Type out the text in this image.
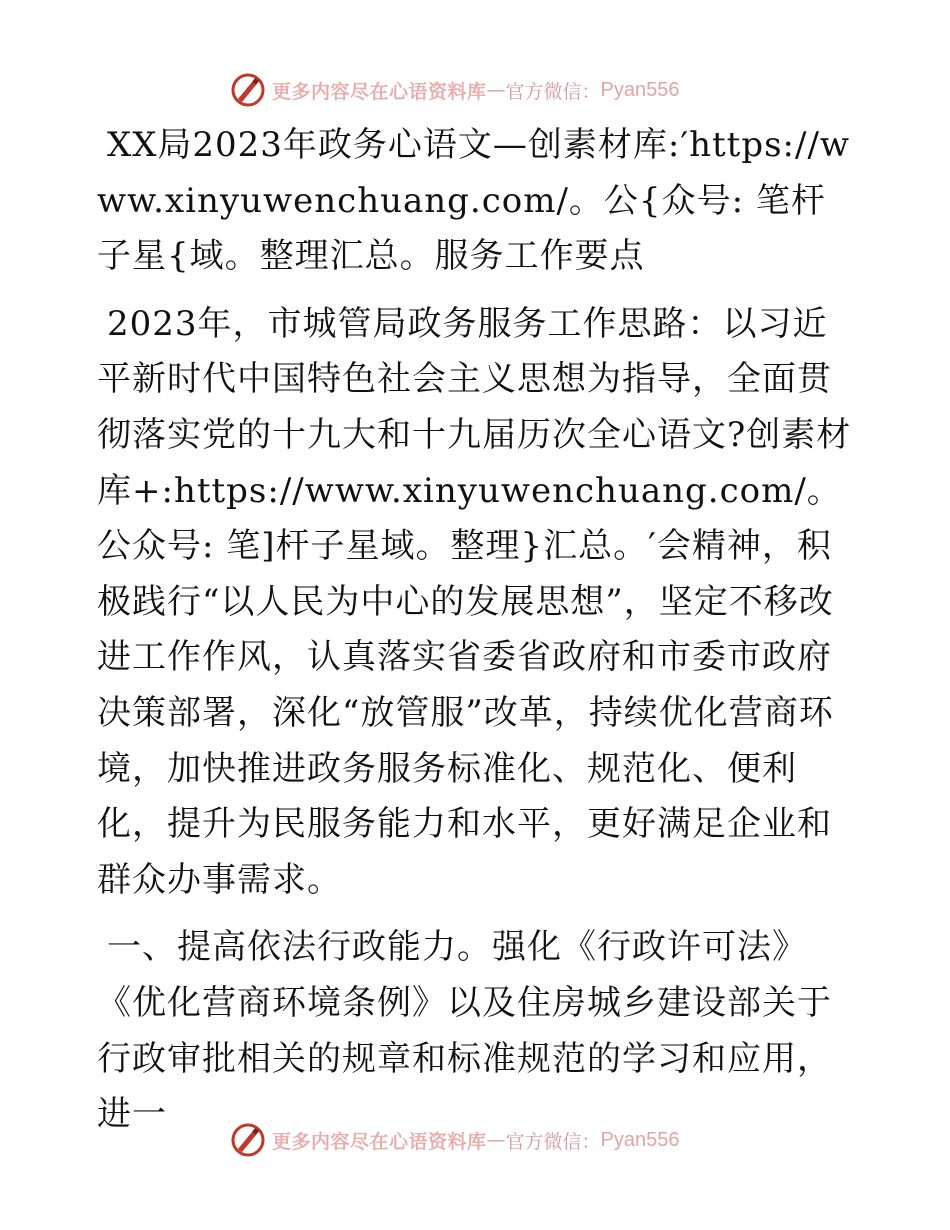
更多内容尽在心语资料库 — 官方微信： Pyan556

XX局2023年政务心语文—创素材库:′https://www.xinyuwenchuang.com/。公{众号: 笔杆子星{域。整理汇总。服务工作要点

2023年，市城管局政务服务工作思路：以习近平新时代中国特色社会主义思想为指导，全面贯彻落实党的十九大和十九届历次全心语文?创素材库+:https://www.xinyuwenchuang.com/。公众号: 笔]杆子星域。整理}汇总。′会精神，积极践行“以人民为中心的发展思想”，坚定不移改进工作作风，认真落实省委省政府和市委市政府决策部署，深化“放管服”改革，持续优化营商环境，加快推进政务服务标准化、规范化、便利化，提升为民服务能力和水平，更好满足企业和群众办事需求。

一、提高依法行政能力。强化《行政许可法》《优化营商环境条例》以及住房城乡建设部关于行政审批相关的规章和标准规范的学习和应用，进一

更多内容尽在心语资料库 — 官方微信： Pyan556
